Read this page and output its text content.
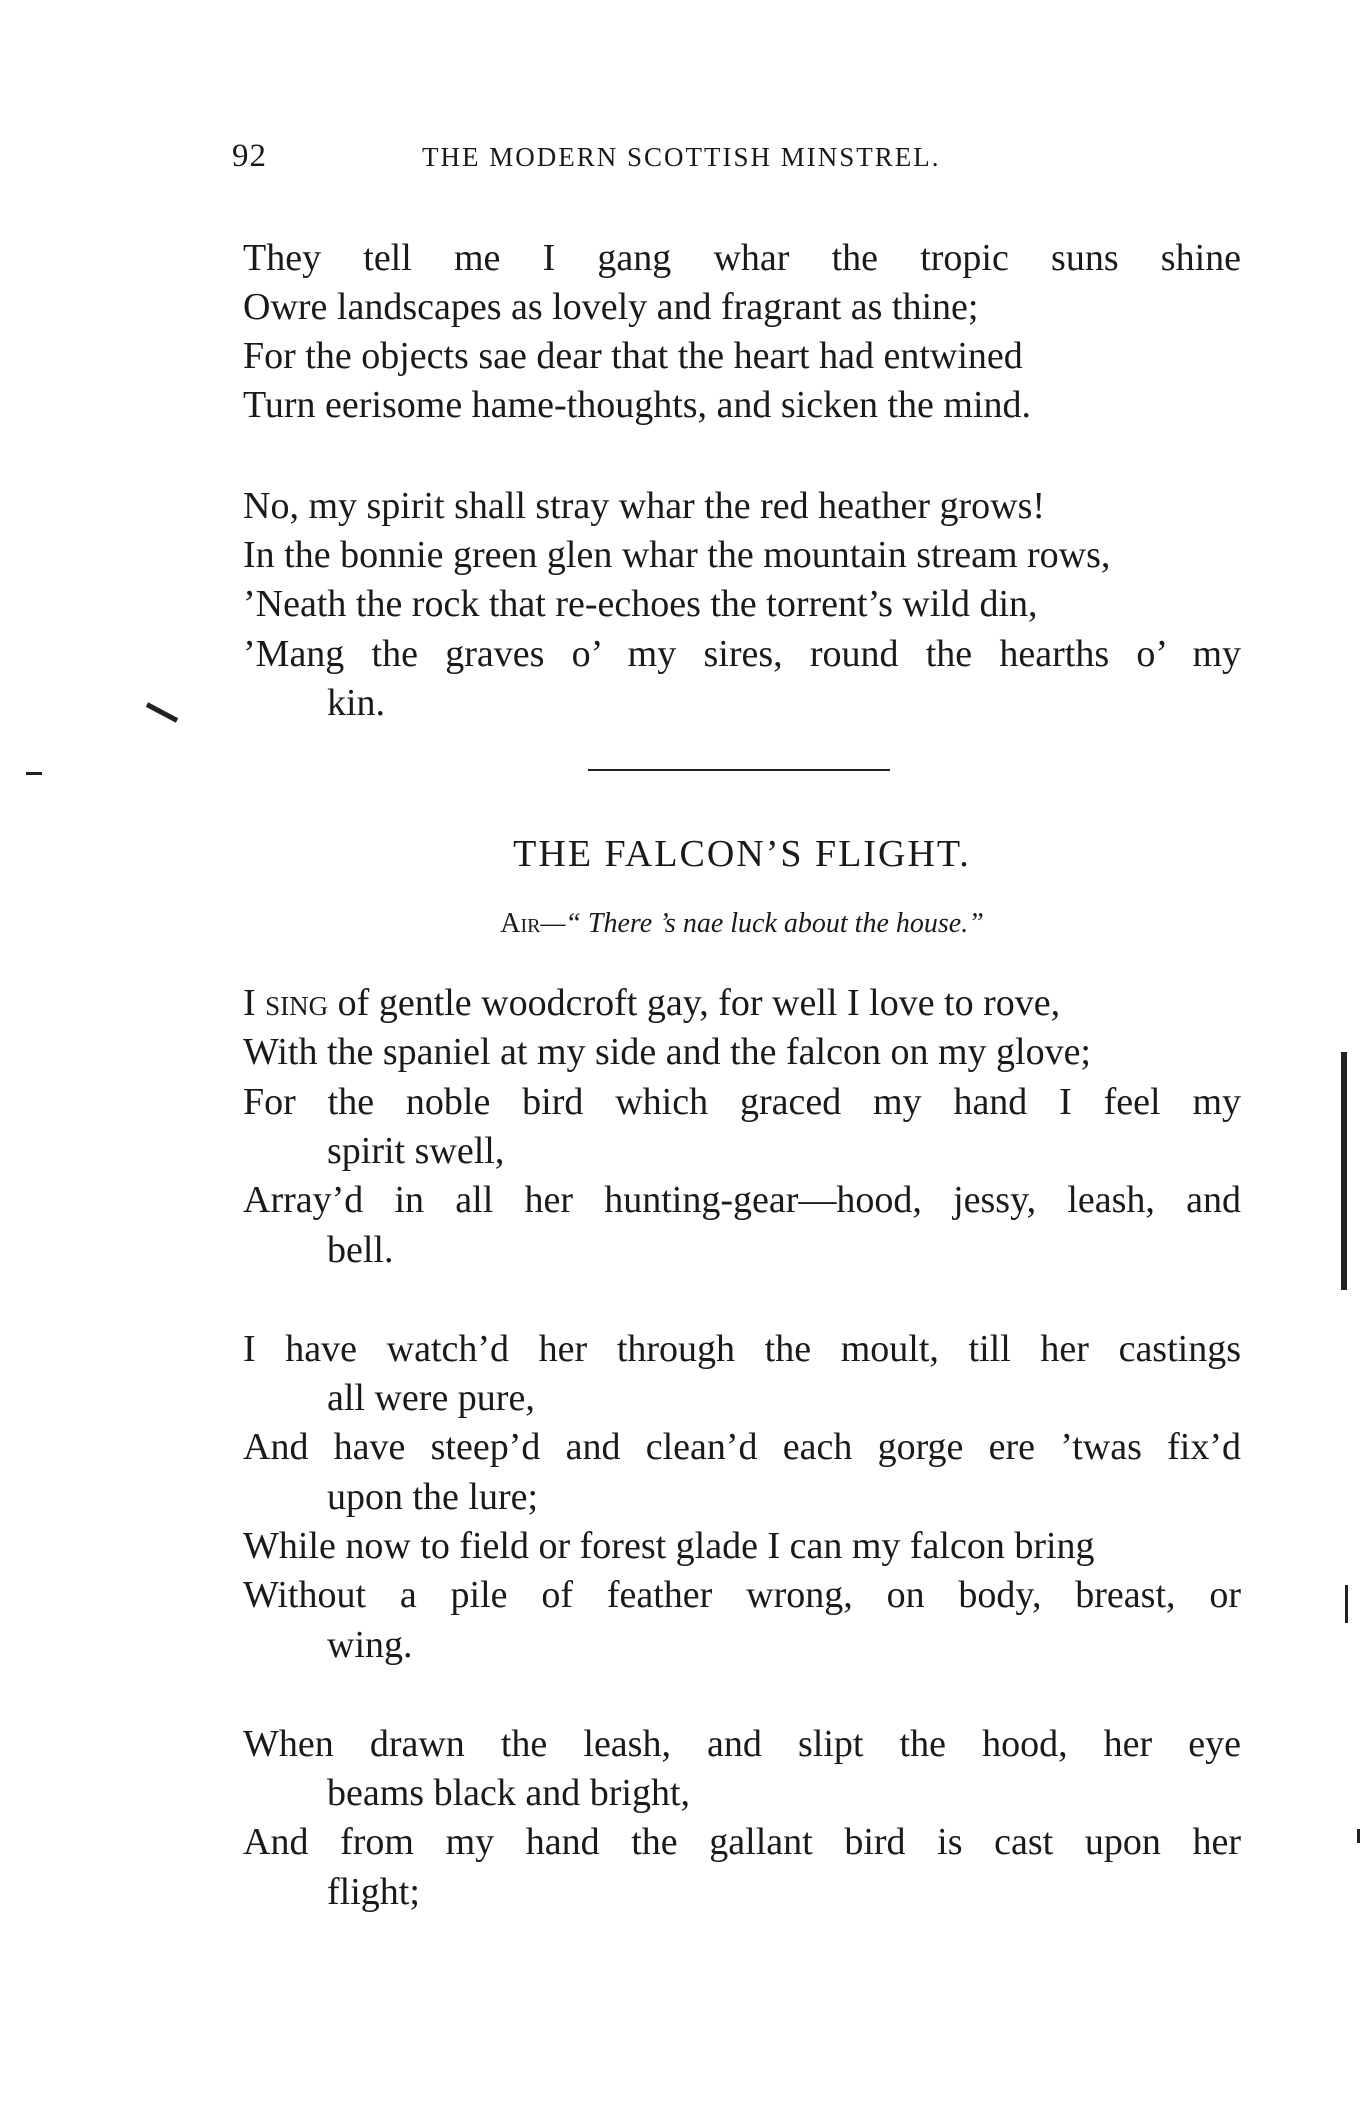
92	THE MODERN SCOTTISH MINSTREL.
They tell me I gang whar the tropic suns shine
Owre landscapes as lovely and fragrant as thine;
For the objects sae dear that the heart had entwined
Turn eerisome hame-thoughts, and sicken the mind.
No, my spirit shall stray whar the red heather grows!
In the bonnie green glen whar the mountain stream rows,
’Neath the rock that re-echoes the torrent’s wild din,
’Mang the graves o’ my sires, round the hearths o’ my
kin.
THE FALCON’S FLIGHT.
Air—“ There ’s nae luck about the house.”
I sing of gentle woodcroft gay, for well I love to rove,
With the spaniel at my side and the falcon on my glove;
For the noble bird which graced my hand I feel my
spirit swell,
Array’d in all her hunting-gear—hood, jessy, leash, and
bell.
I have watch’d her through the moult, till her castings
all were pure,
And have steep’d and clean’d each gorge ere ’twas fix’d
upon the lure;
While now to field or forest glade I can my falcon bring
Without a pile of feather wrong, on body, breast, or
wing.
When drawn the leash, and slipt the hood, her eye
beams black and bright,
And from my hand the gallant bird is cast upon her
flight;
